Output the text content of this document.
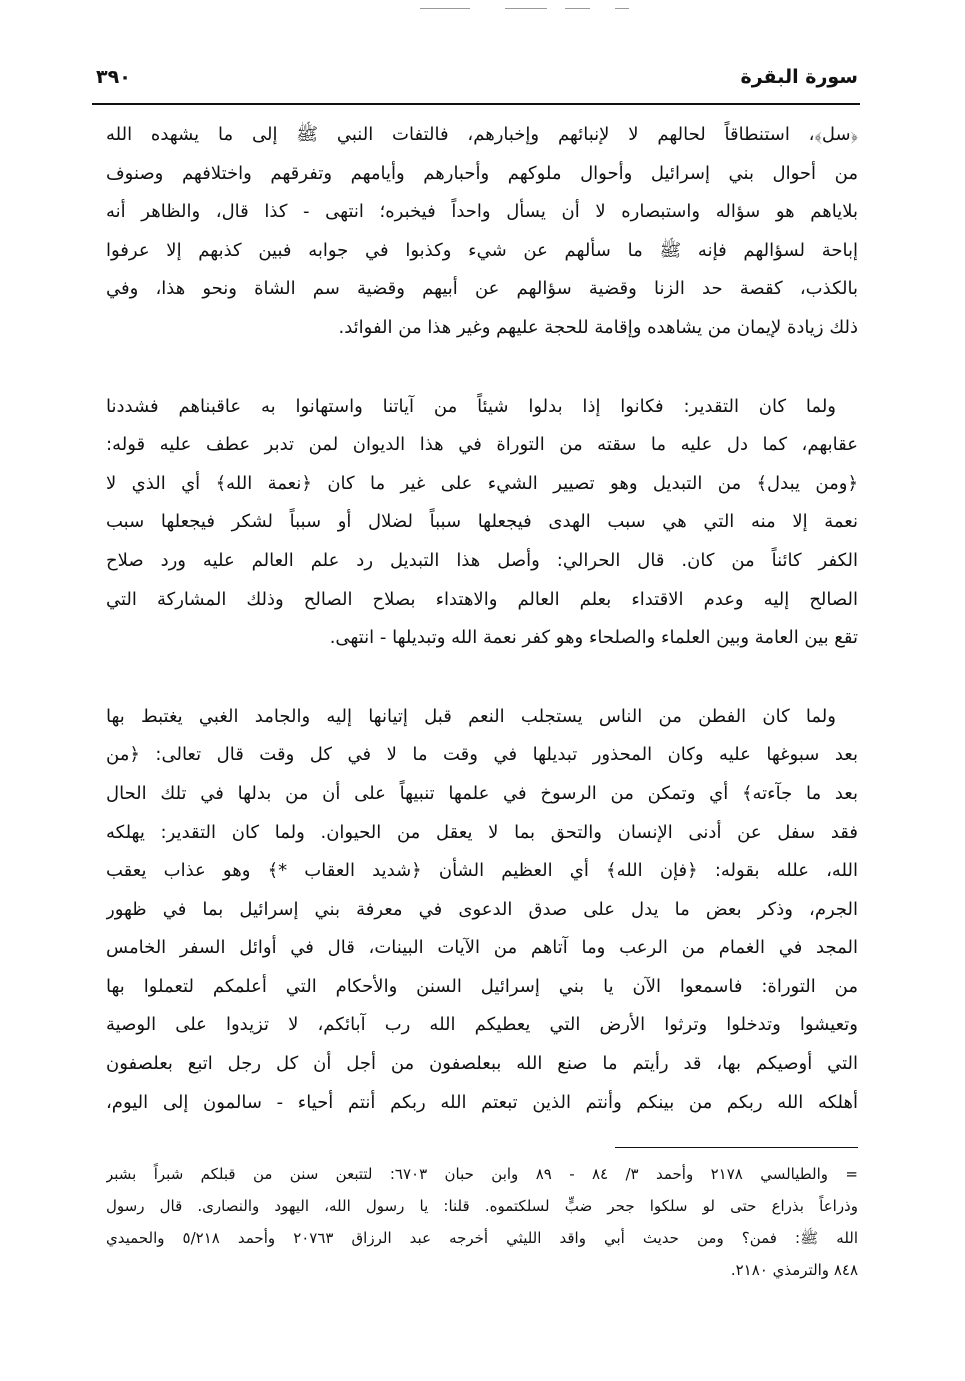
سورة البقرة
٣٩٠
﴿سل﴾، استنطاقاً لحالهم لا لإنبائهم وإخبارهم، فالتفات النبي ﷺ إلى ما يشهده الله
من أحوال بني إسرائيل وأحوال ملوكهم وأحبارهم وأيامهم وتفرقهم واختلافهم وصنوف
بلاياهم هو سؤاله واستبصاره لا أن يسأل واحداً فيخبره؛ انتهى - كذا قال، والظاهر أنه
إباحة لسؤالهم فإنه ﷺ ما سألهم عن شيء وكذبوا في جوابه فبين كذبهم إلا عرفوا
بالكذب، كقصة حد الزنا وقضية سؤالهم عن أبيهم وقضية سم الشاة ونحو هذا، وفي
ذلك زيادة لإيمان من يشاهده وإقامة للحجة عليهم وغير هذا من الفوائد.
ولما كان التقدير: فكانوا إذا بدلوا شيئاً من آياتنا واستهانوا به عاقبناهم فشددنا
عقابهم، كما دل عليه ما سقته من التوراة في هذا الديوان لمن تدبر عطف عليه قوله:
﴿ومن يبدل﴾ من التبديل وهو تصيير الشيء على غير ما كان ﴿نعمة الله﴾ أي الذي لا
نعمة إلا منه التي هي سبب الهدى فيجعلها سبباً لضلال أو سبباً لشكر فيجعلها سبب
الكفر كائناً من كان. قال الحرالي: وأصل هذا التبديل رد علم العالم عليه ورد صلاح
الصالح إليه وعدم الاقتداء بعلم العالم والاهتداء بصلاح الصالح وذلك المشاركة التي
تقع بين العامة وبين العلماء والصلحاء وهو كفر نعمة الله وتبديلها - انتهى.
ولما كان الفطن من الناس يستجلب النعم قبل إتيانها إليه والجامد الغبي يغتبط بها
بعد سبوغها عليه وكان المحذور تبديلها في وقت ما لا في كل وقت قال تعالى: ﴿من
بعد ما جآءته﴾ أي وتمكن من الرسوخ في علمها تنبيهاً على أن من بدلها في تلك الحال
فقد سفل عن أدنى الإنسان والتحق بما لا يعقل من الحيوان. ولما كان التقدير: يهلكه
الله، علله بقوله: ﴿فإن الله﴾ أي العظيم الشأن ﴿شديد العقاب *﴾ وهو عذاب يعقب
الجرم، وذكر بعض ما يدل على صدق الدعوى في معرفة بني إسرائيل بما في ظهور
المجد في الغمام من الرعب وما آتاهم من الآيات البينات، قال في أوائل السفر الخامس
من التوراة: فاسمعوا الآن يا بني إسرائيل السنن والأحكام التي أعلمكم لتعملوا بها
وتعيشوا وتدخلوا وترثوا الأرض التي يعطيكم الله رب آبائكم، لا تزيدوا على الوصية
التي أوصيكم بها، قد رأيتم ما صنع الله ببعلصفون من أجل أن كل رجل اتبع بعلصفون
أهلكه الله ربكم من بينكم وأنتم الذين تبعتم الله ربكم أنتم أحياء - سالمون إلى اليوم،
= والطيالسي ٢١٧٨ وأحمد ٣/ ٨٤ - ٨٩ وابن حبان ٦٧٠٣: لتتبعن سنن من قبلكم شبراً بشبر
وذراعاً بذراع حتى لو سلكوا جحر ضبٍّ لسلكتموه. قلنا: يا رسول الله، اليهود والنصارى. قال رسول
الله ﷺ: فمن؟ ومن حديث أبي واقد الليثي أخرجه عبد الرزاق ٢٠٧٦٣ وأحمد ٥/٢١٨ والحميدي
٨٤٨ والترمذي ٢١٨٠.
